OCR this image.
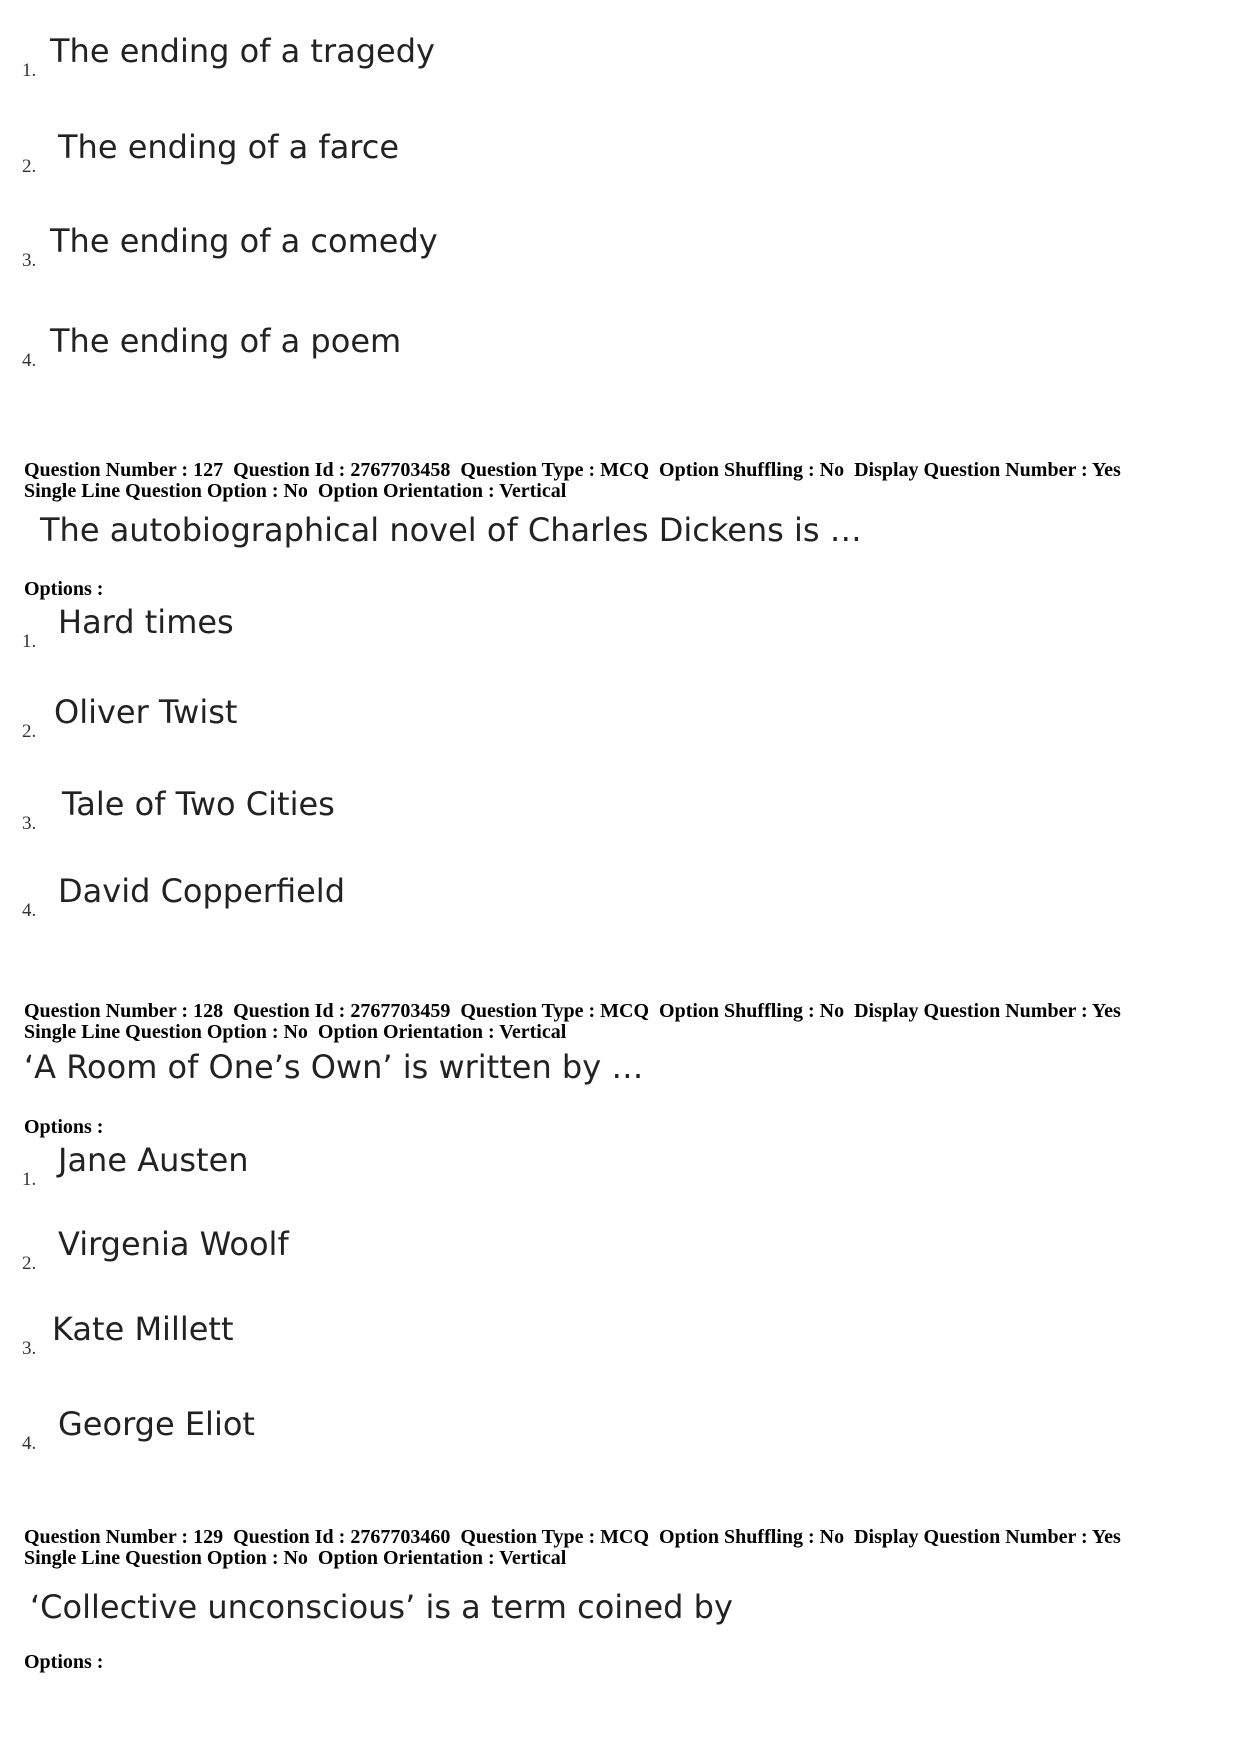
1.
The ending of a tragedy
2.
The ending of a farce
3.
The ending of a comedy
4.
The ending of a poem
Question Number : 127  Question Id : 2767703458  Question Type : MCQ  Option Shuffling : No  Display Question Number : Yes
Single Line Question Option : No  Option Orientation : Vertical
The autobiographical novel of Charles Dickens is …
Options :
1.
Hard times
2.
Oliver Twist
3.
Tale of Two Cities
4.
David Copperfield
Question Number : 128  Question Id : 2767703459  Question Type : MCQ  Option Shuffling : No  Display Question Number : Yes
Single Line Question Option : No  Option Orientation : Vertical
‘A Room of One’s Own’ is written by …
Options :
1.
Jane Austen
2.
Virgenia Woolf
3.
Kate Millett
4.
George Eliot
Question Number : 129  Question Id : 2767703460  Question Type : MCQ  Option Shuffling : No  Display Question Number : Yes
Single Line Question Option : No  Option Orientation : Vertical
‘Collective unconscious’ is a term coined by
Options :
